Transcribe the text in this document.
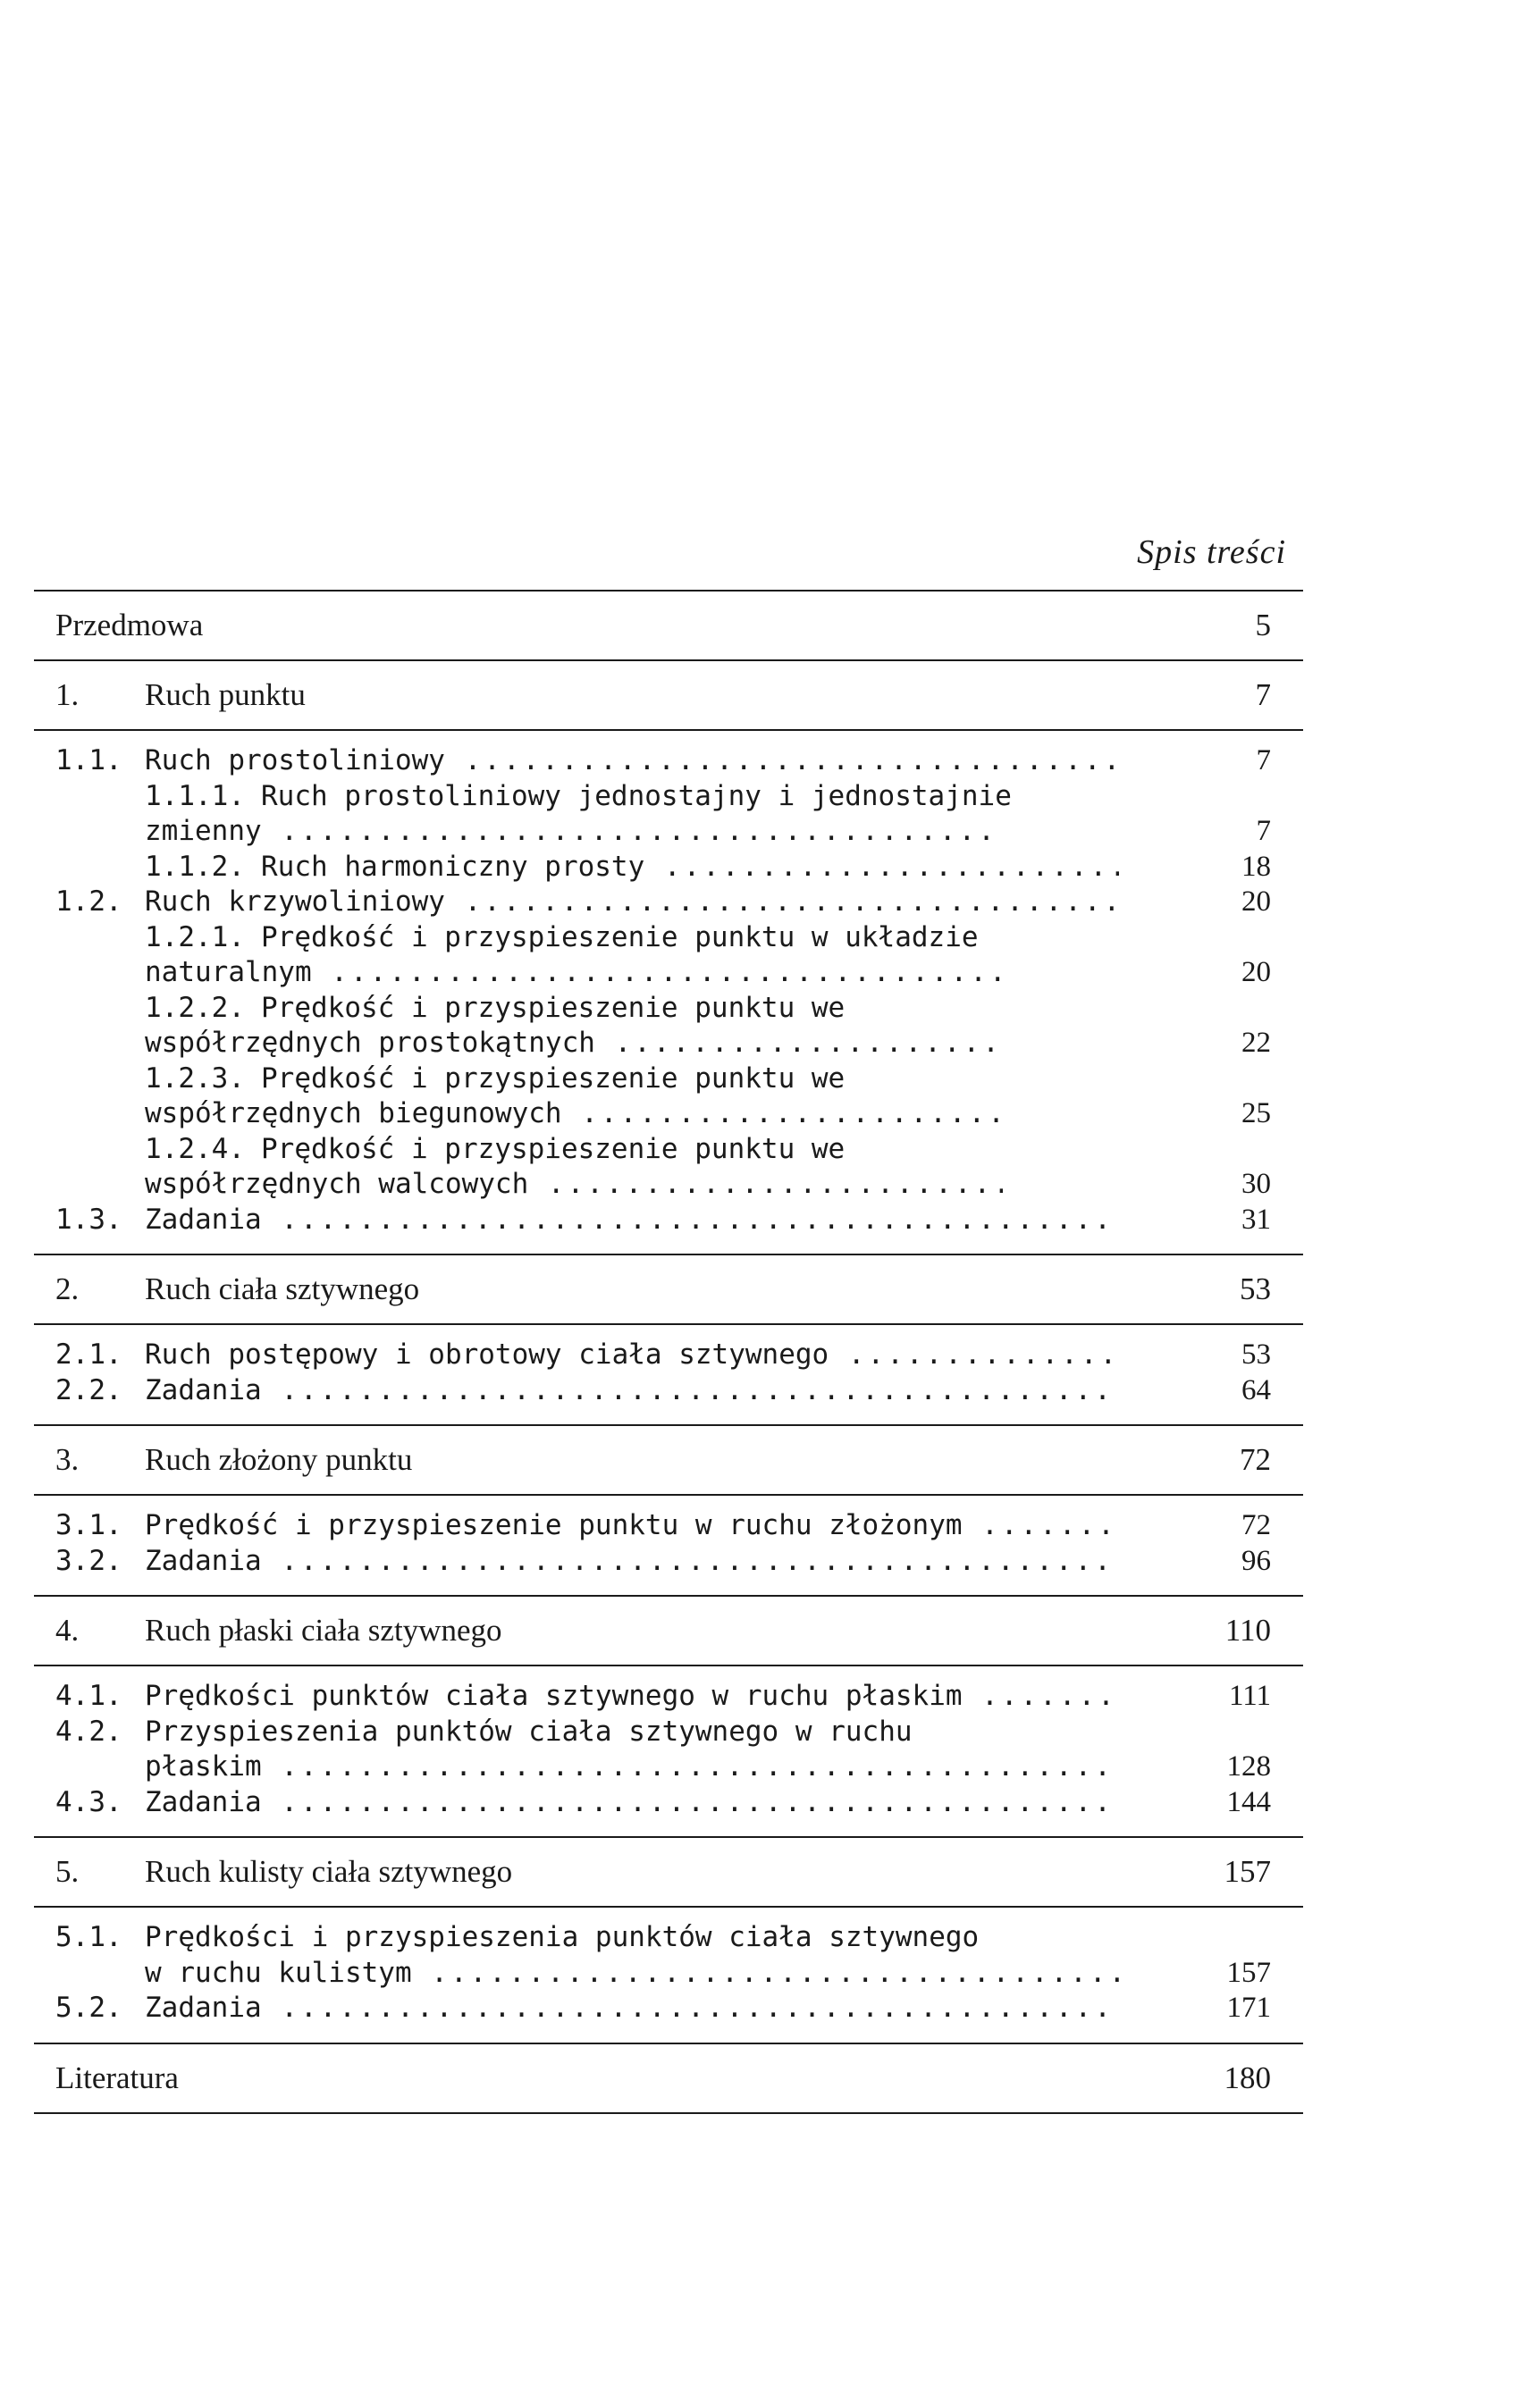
Spis treści
Przedmowa	5
1.	Ruch punktu	7
1.1. Ruch prostoliniowy .....	7
1.1.1. Ruch prostoliniowy jednostajny i jednostajnie
zmienny .....	7
1.1.2. Ruch harmoniczny prosty .....	18
1.2. Ruch krzywoliniowy .....	20
1.2.1. Prędkość i przyspieszenie punktu w układzie
naturalnym .....	20
1.2.2. Prędkość i przyspieszenie punktu we
współrzędnych prostokątnych .....	22
1.2.3. Prędkość i przyspieszenie punktu we
współrzędnych biegunowych .....	25
1.2.4. Prędkość i przyspieszenie punktu we
współrzędnych walcowych .....	30
1.3. Zadania .....	31
2.	Ruch ciała sztywnego	53
2.1. Ruch postępowy i obrotowy ciała sztywnego .....	53
2.2. Zadania .....	64
3.	Ruch złożony punktu	72
3.1. Prędkość i przyspieszenie punktu w ruchu złożonym .....	72
3.2. Zadania .....	96
4.	Ruch płaski ciała sztywnego	110
4.1. Prędkości punktów ciała sztywnego w ruchu płaskim .....	111
4.2. Przyspieszenia punktów ciała sztywnego w ruchu
płaskim .....	128
4.3. Zadania .....	144
5.	Ruch kulisty ciała sztywnego	157
5.1. Prędkości i przyspieszenia punktów ciała sztywnego
w ruchu kulistym .....	157
5.2. Zadania .....	171
Literatura	180
